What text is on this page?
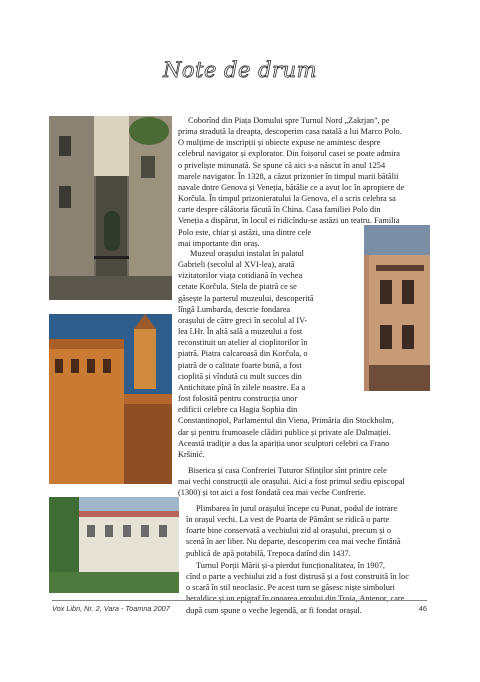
Note de drum
Coborînd din Piața Domului spre Turnul Nord „Zakrjan", pe
prima stradută la dreapta, descoperim casa natală a lui Marco Polo.
O mulțime de inscripții și obiecte expuse ne amintesc despre
celebrul navigator și explorator. Din foișorul casei se poate admira
o priveliște minunată. Se spune că aici s-a născut în anul 1254
marele navigator. În 1328, a căzut prizonier în timpul marii bătălii
navale dntre Genova și Veneția, bătălie ce a avut loc în apropiere de
Korčula. În timpul prizonieratului la Genova, el a scris celebra sa
carte despre călătoria făcută în China. Casa familiei Polo din
Veneția a dispărut, în locul ei ridicîndu-se astăzi un teatru. Familia
Polo este, chiar și astăzi, una dintre cele
mai importante din oraș.
Muzeul orașului instalat în palatul
Gabrieli (secolul al XVI-lea), arată
vizitatorilor viața cotidiană în vechea
cetate Korčula. Stela de piatră ce se
găsește la parterul muzeului, descoperită
lîngă Lumbarda, descrie fondarea
orașului de către greci în secolul al IV-
lea î.Hr. În altă sală a muzeului a fost
reconstituit un atelier al cioplitorilor în
piatră. Piatra calcaroasă din Korčula, o
piatră de o calitate foarte bună, a fost
cioplită și vîndută cu mult succes din
Antichitate pînă în zilele noastre. Ea a
fost folosită pentru construcția unor
edificii celebre ca Hagia Sophia din
Constantinopol, Parlamentul din Viena, Primăria din Stockholm,
dar și pentru frumoasele clădiri publice și private ale Dalmației.
Această tradiție a dus la apariția unor sculptori celebri ca Frano
Kršinić.
Biserica și casa Confreriei Tuturor Sfinților sînt printre cele
mai vechi construcții ale orașului. Aici a fost primul sediu episcopal
(1300) și tot aici a fost fondată cea mai veche Confrerie.
Plimbarea în jurul orașului începe cu Punat, podul de intrare
în orașul vechi. La vest de Poarta de Pământ se ridică o parte
foarte bine conservată a vechiului zid al orașului, precum și o
scenă în aer liber. Nu departe, descoperim cea mai veche fîntână
publică de apă potabilă, Trepoca datînd din 1437.
Turnul Porții Mării și-a pierdut funcționalitatea, în 1907,
cînd o parte a vechiului zid a fost distrusă și a fost construită în loc
o scară în stil neoclasic. Pe acest turn se găsesc niște simboluri
heraldice și un epigraf în onoarea eroului din Troia, Antenor, care
după cum spune o veche legendă, ar fi fondat orașul.
Vox Libri, Nr. 2, Vara - Toamna 2007	46
